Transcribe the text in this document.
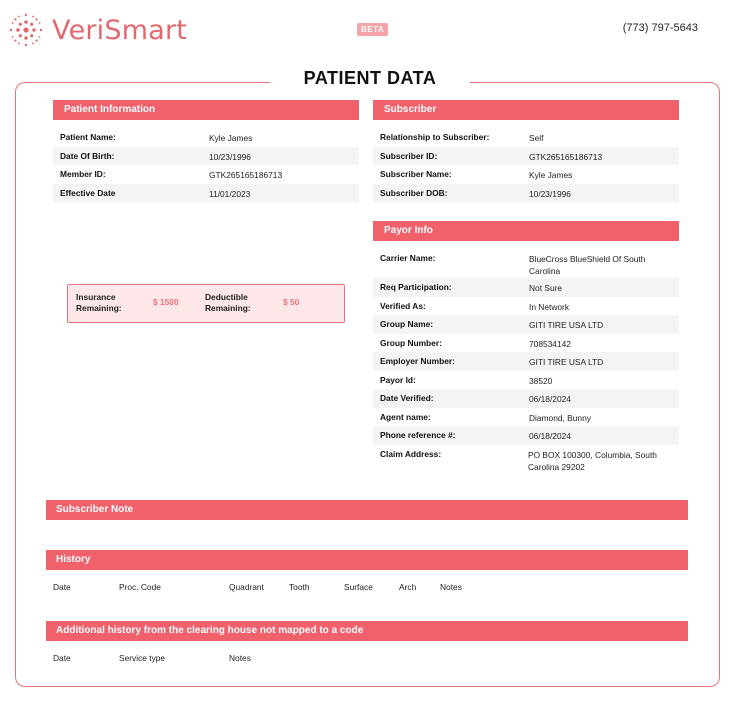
VeriSmart	BETA	(773) 797-5643
PATIENT DATA
Patient Information
Patient Name:	Kyle James
Date Of Birth:	10/23/1996
Member ID:	GTK265165186713
Effective Date	11/01/2023
Insurance Remaining:
$ 1500	Deductible Remaining:
$ 50
Subscriber
Relationship to Subscriber:	Self
Subscriber ID:	GTK265165186713
Subscriber Name:	Kyle James
Subscriber DOB:	10/23/1996
Payor Info
Carrier Name:	BlueCross BlueShield Of South Carolina
Req Participation:	Not Sure
Verified As:	In Network
Group Name:	GITI TIRE USA LTD
Group Number:	708534142
Employer Number:	GITI TIRE USA LTD
Payor Id:	38520
Date Verified:	06/18/2024
Agent name:	Diamond, Bunny
Phone reference #:	06/18/2024
Claim Address:	PO BOX 100300, Columbia, South Carolina 29202
Subscriber Note
History
Date	Proc. Code	Quadrant	Tooth	Surface	Arch	Notes
Additional history from the clearing house not mapped to a code
Date	Service type	Notes
